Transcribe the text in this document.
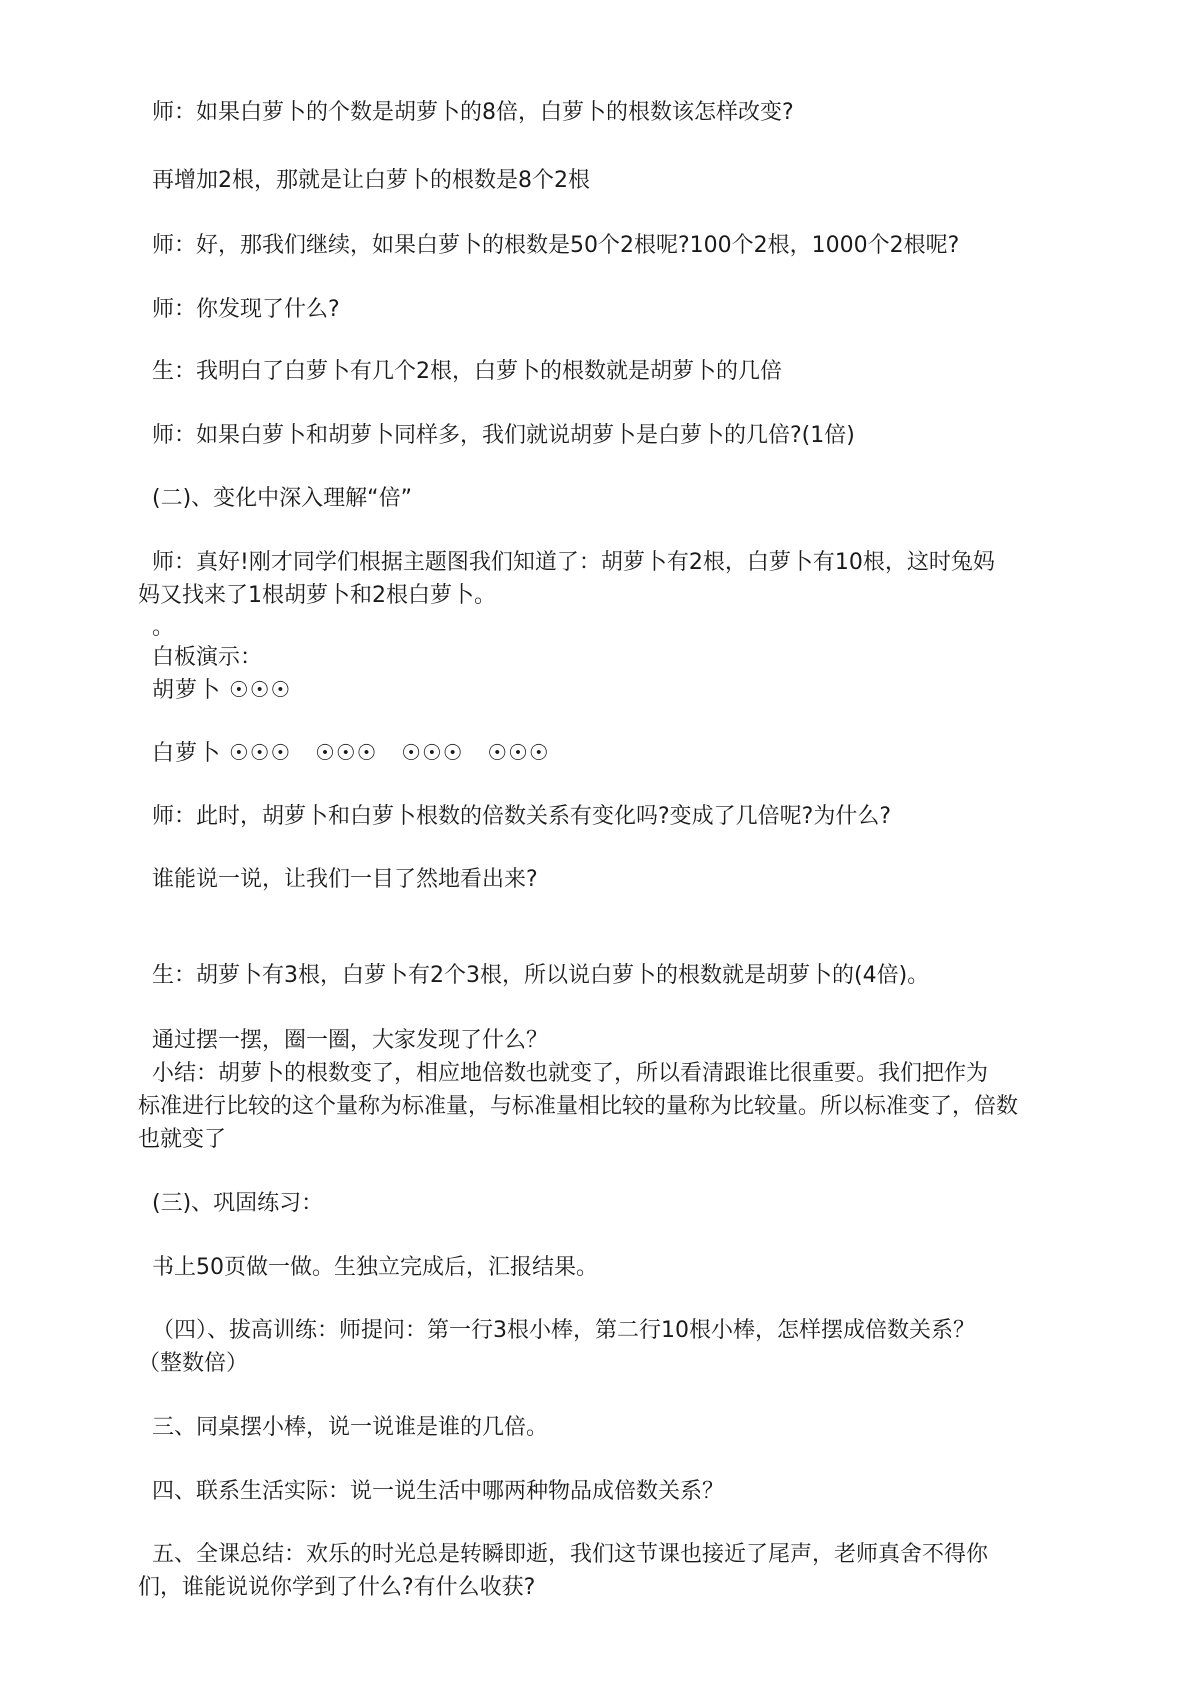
师：如果白萝卜的个数是胡萝卜的8倍，白萝卜的根数该怎样改变?
再增加2根，那就是让白萝卜的根数是8个2根
师：好，那我们继续，如果白萝卜的根数是50个2根呢?100个2根，1000个2根呢?
师：你发现了什么?
生：我明白了白萝卜有几个2根，白萝卜的根数就是胡萝卜的几倍
师：如果白萝卜和胡萝卜同样多，我们就说胡萝卜是白萝卜的几倍?(1倍)
(二)、变化中深入理解“倍”
师：真好!刚才同学们根据主题图我们知道了：胡萝卜有2根，白萝卜有10根，这时兔妈
妈又找来了1根胡萝卜和2根白萝卜。
。
白板演示：
胡萝卜 ☉☉☉
白萝卜 ☉☉☉   ☉☉☉   ☉☉☉   ☉☉☉
师：此时，胡萝卜和白萝卜根数的倍数关系有变化吗?变成了几倍呢?为什么?
谁能说一说，让我们一目了然地看出来?
生：胡萝卜有3根，白萝卜有2个3根，所以说白萝卜的根数就是胡萝卜的(4倍)。
通过摆一摆，圈一圈，大家发现了什么？
小结：胡萝卜的根数变了，相应地倍数也就变了，所以看清跟谁比很重要。我们把作为
标准进行比较的这个量称为标准量，与标准量相比较的量称为比较量。所以标准变了，倍数
也就变了
(三)、巩固练习：
书上50页做一做。生独立完成后，汇报结果。
（四）、拔高训练：师提问：第一行3根小棒，第二行10根小棒，怎样摆成倍数关系？
（整数倍）
三、同桌摆小棒，说一说谁是谁的几倍。
四、联系生活实际：说一说生活中哪两种物品成倍数关系？
五、全课总结：欢乐的时光总是转瞬即逝，我们这节课也接近了尾声，老师真舍不得你
们，谁能说说你学到了什么?有什么收获?
